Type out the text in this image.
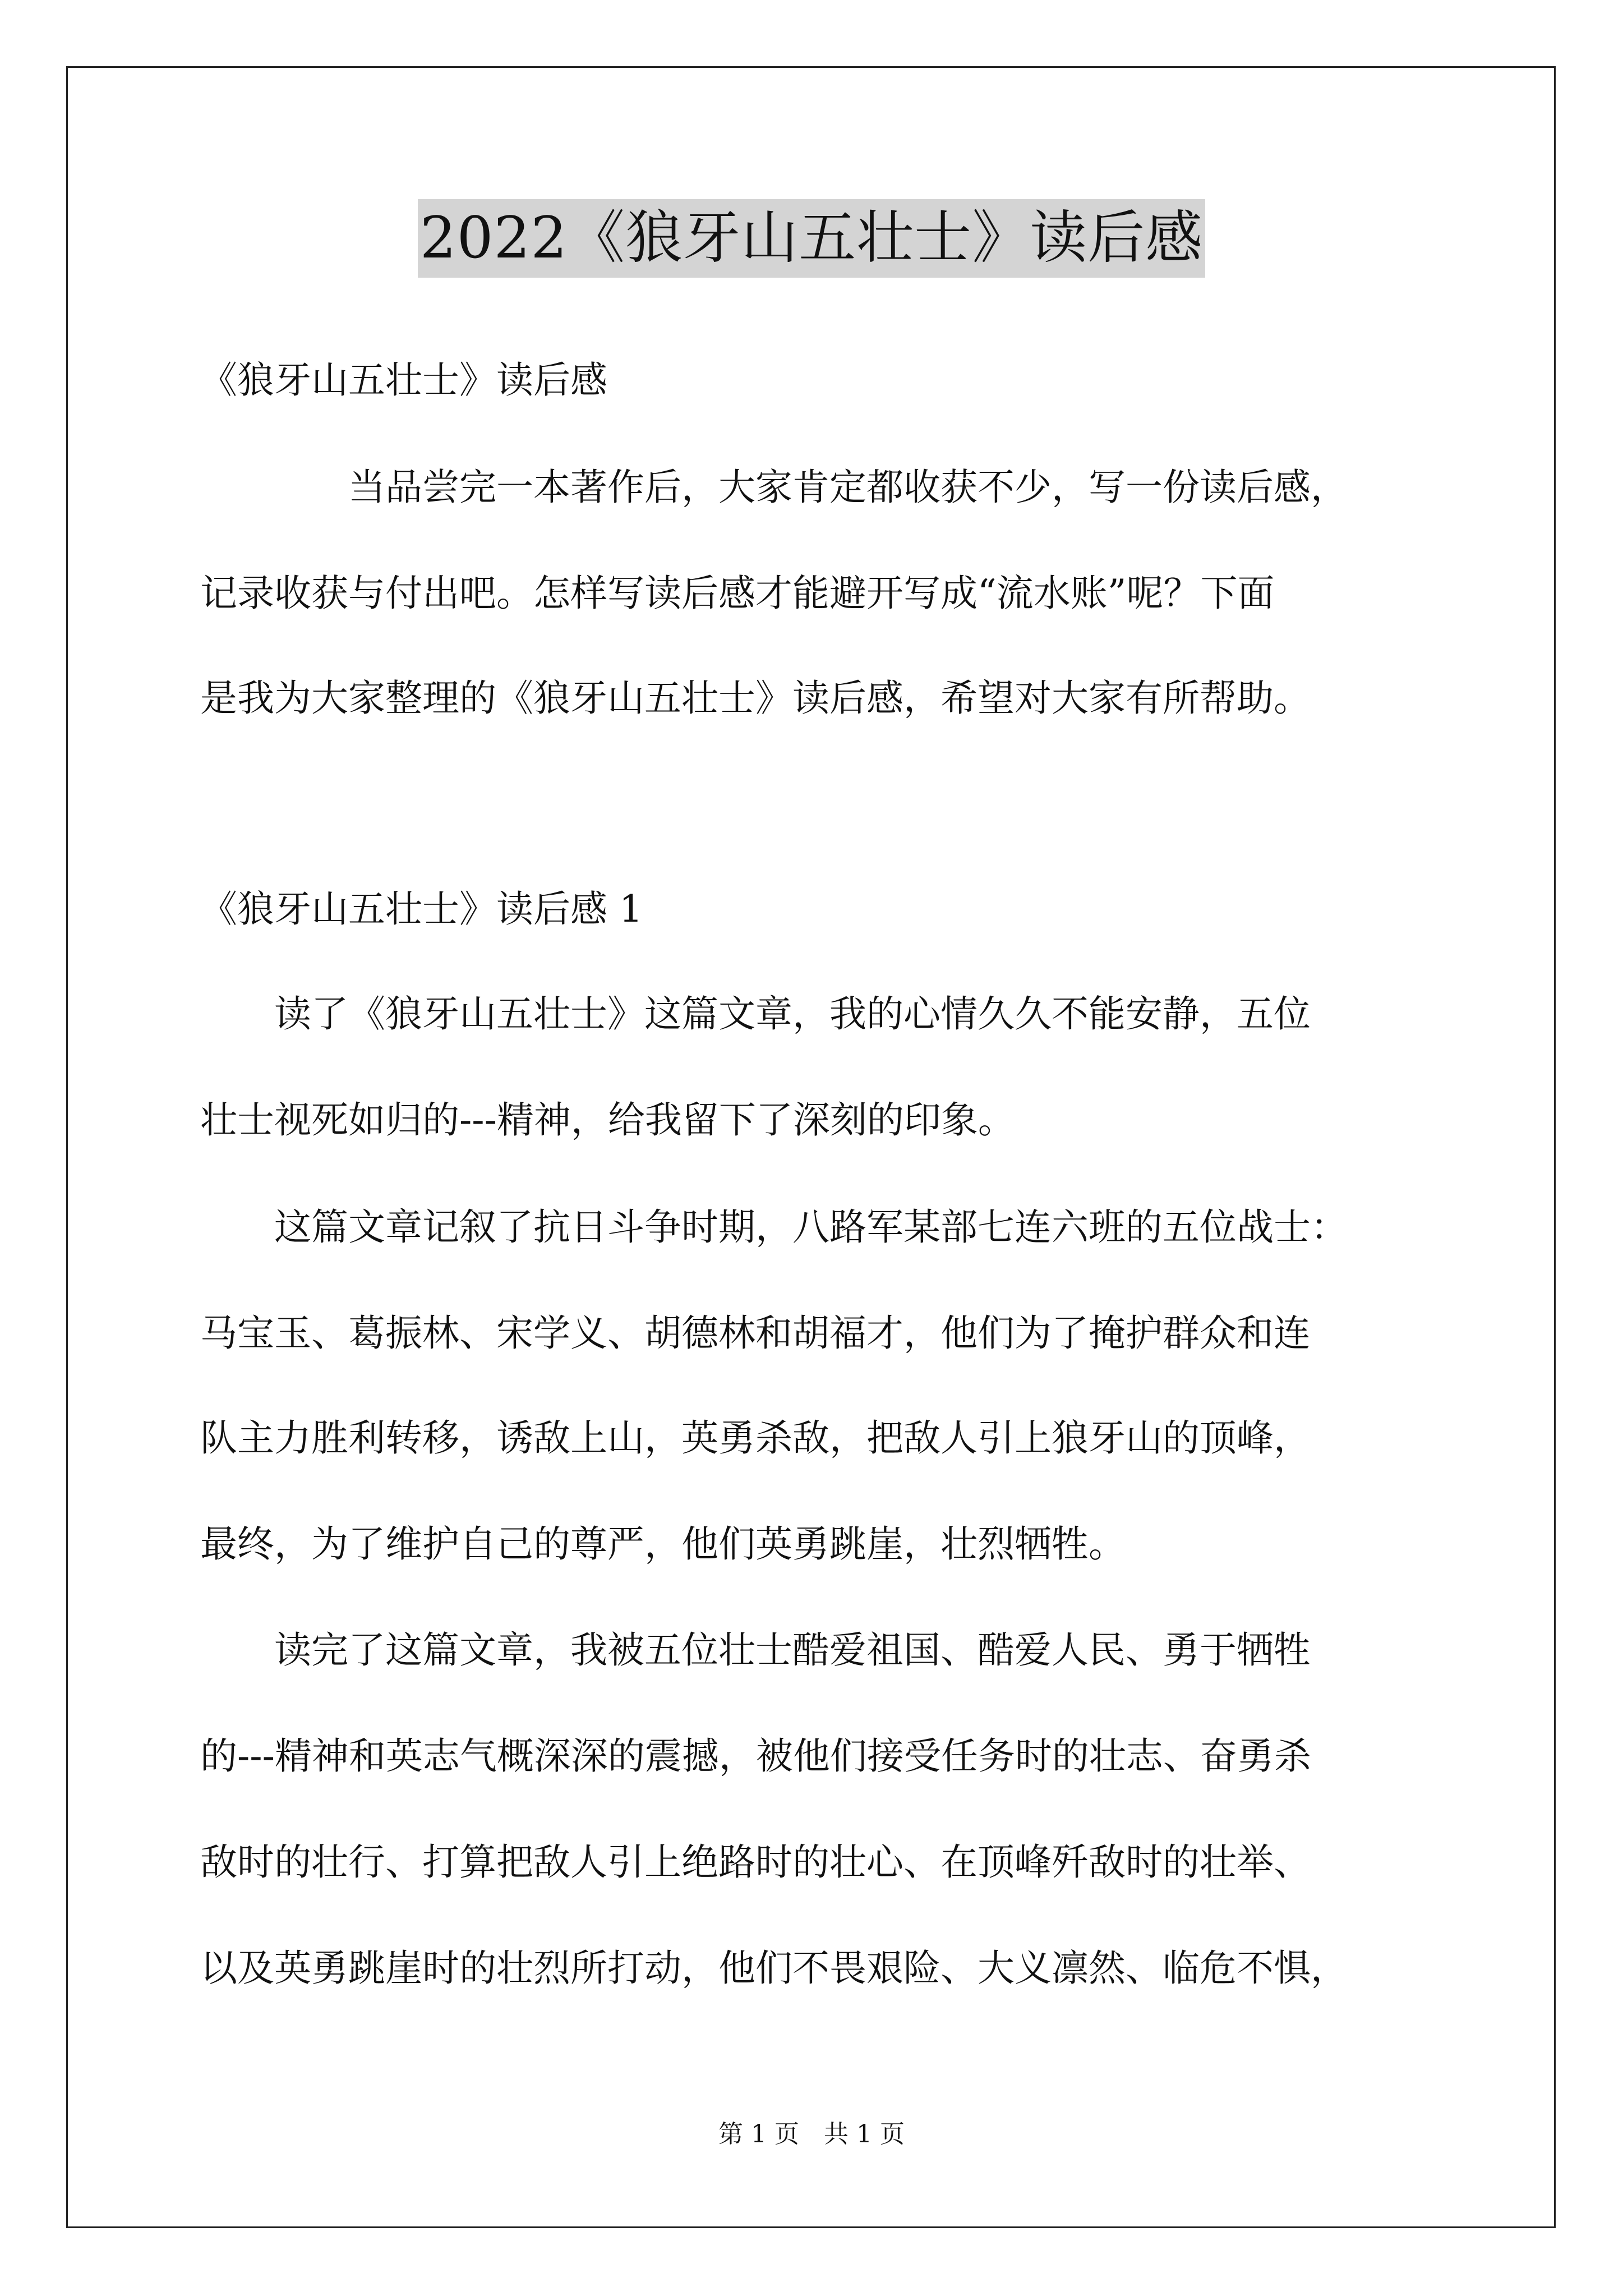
2022《狼牙山五壮士》读后感
《狼牙山五壮士》读后感
　　　　当品尝完一本著作后，大家肯定都收获不少，写一份读后感，
记录收获与付出吧。怎样写读后感才能避开写成“流水账”呢？下面
是我为大家整理的《狼牙山五壮士》读后感，希望对大家有所帮助。
《狼牙山五壮士》读后感 1
　　读了《狼牙山五壮士》这篇文章，我的心情久久不能安静，五位
壮士视死如归的---精神，给我留下了深刻的印象。
　　这篇文章记叙了抗日斗争时期，八路军某部七连六班的五位战士：
马宝玉、葛振林、宋学义、胡德林和胡福才，他们为了掩护群众和连
队主力胜利转移，诱敌上山，英勇杀敌，把敌人引上狼牙山的顶峰，
最终，为了维护自己的尊严，他们英勇跳崖，壮烈牺牲。
　　读完了这篇文章，我被五位壮士酷爱祖国、酷爱人民、勇于牺牲
的---精神和英志气概深深的震撼，被他们接受任务时的壮志、奋勇杀
敌时的壮行、打算把敌人引上绝路时的壮心、在顶峰歼敌时的壮举、
以及英勇跳崖时的壮烈所打动，他们不畏艰险、大义凛然、临危不惧，
第 1 页　共 1 页
